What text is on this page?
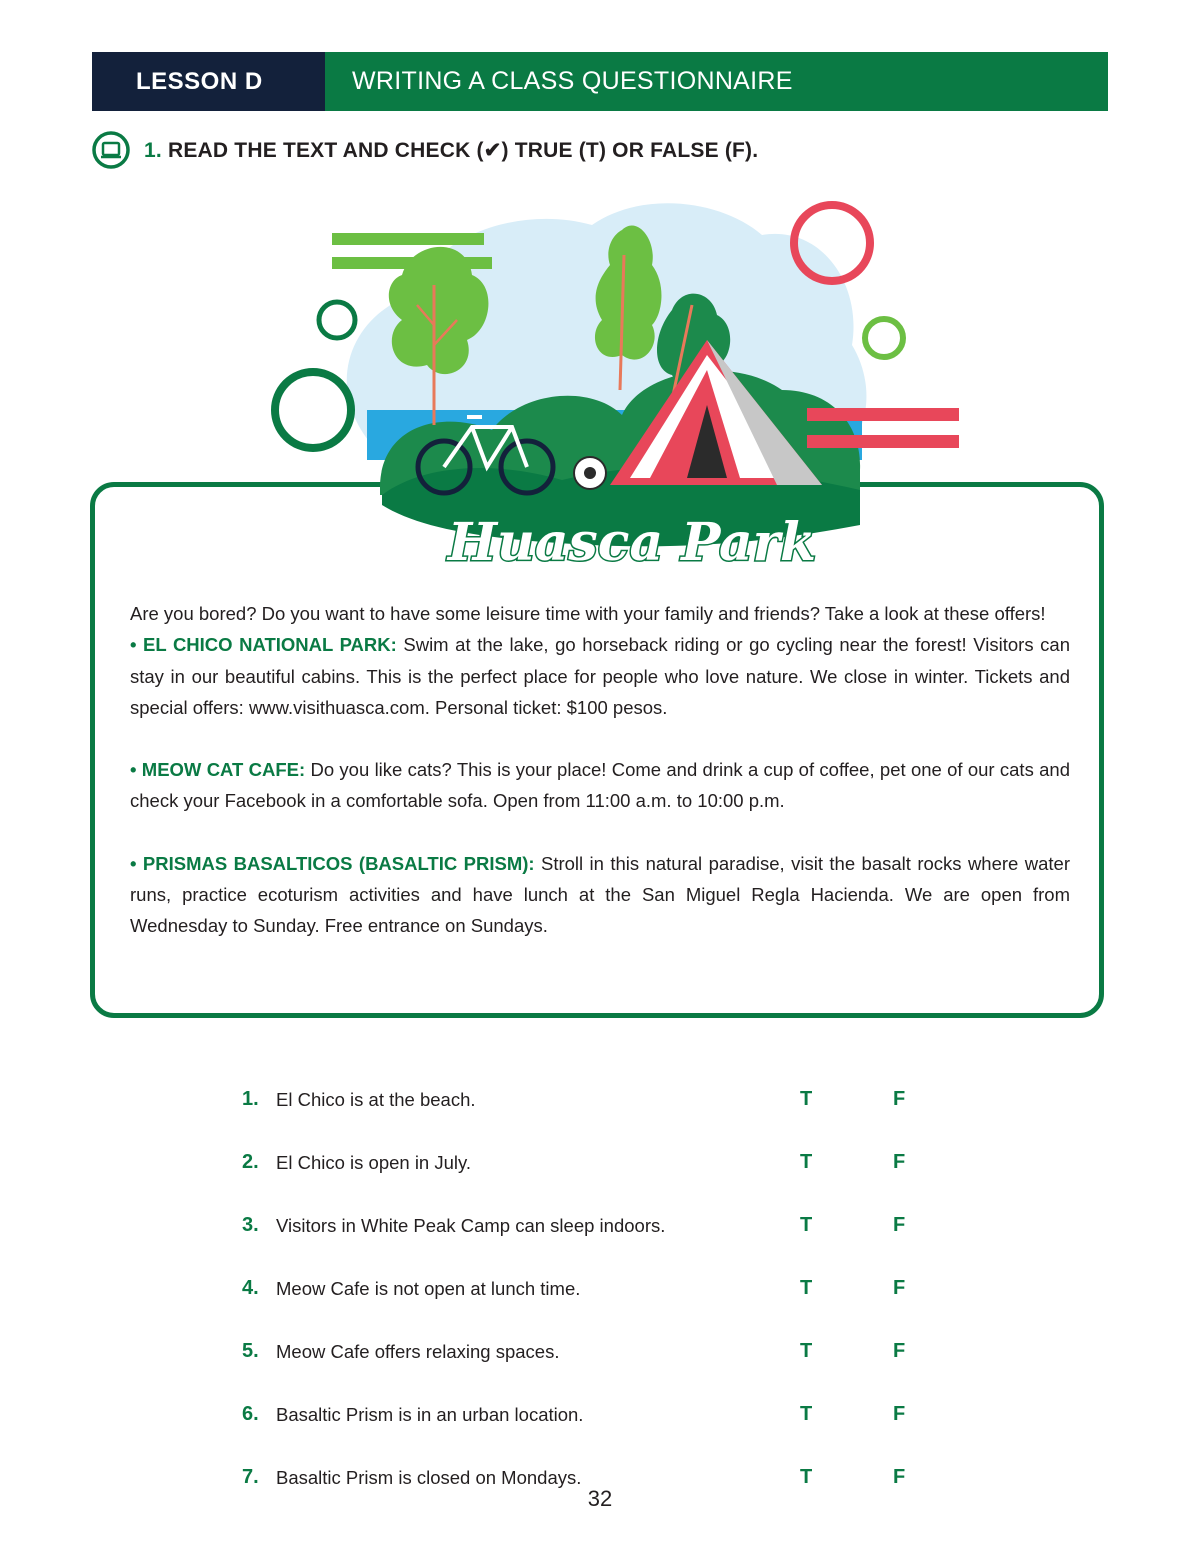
LESSON D	WRITING A CLASS QUESTIONNAIRE
1. READ THE TEXT AND CHECK (✔) TRUE (T) OR FALSE (F).
Huasca Park

Are you bored? Do you want to have some leisure time with your family and friends? Take a look at these offers!

• EL CHICO NATIONAL PARK: Swim at the lake, go horseback riding or go cycling near the forest! Visitors can stay in our beautiful cabins. This is the perfect place for people who love nature. We close in winter. Tickets and special offers: www.visithuasca.com. Personal ticket: $100 pesos.

• MEOW CAT CAFE: Do you like cats? This is your place! Come and drink a cup of coffee, pet one of our cats and check your Facebook in a comfortable sofa. Open from 11:00 a.m. to 10:00 p.m.

• PRISMAS BASALTICOS (BASALTIC PRISM): Stroll in this natural paradise, visit the basalt rocks where water runs, practice ecoturism activities and have lunch at the San Miguel Regla Hacienda. We are open from Wednesday to Sunday. Free entrance on Sundays.

1. El Chico is at the beach.	T	F
2. El Chico is open in July.	T	F
3. Visitors in White Peak Camp can sleep indoors.	T	F
4. Meow Cafe is not open at lunch time.	T	F
5. Meow Cafe offers relaxing spaces.	T	F
6. Basaltic Prism is in an urban location.	T	F
7. Basaltic Prism is closed on Mondays.	T	F
32
